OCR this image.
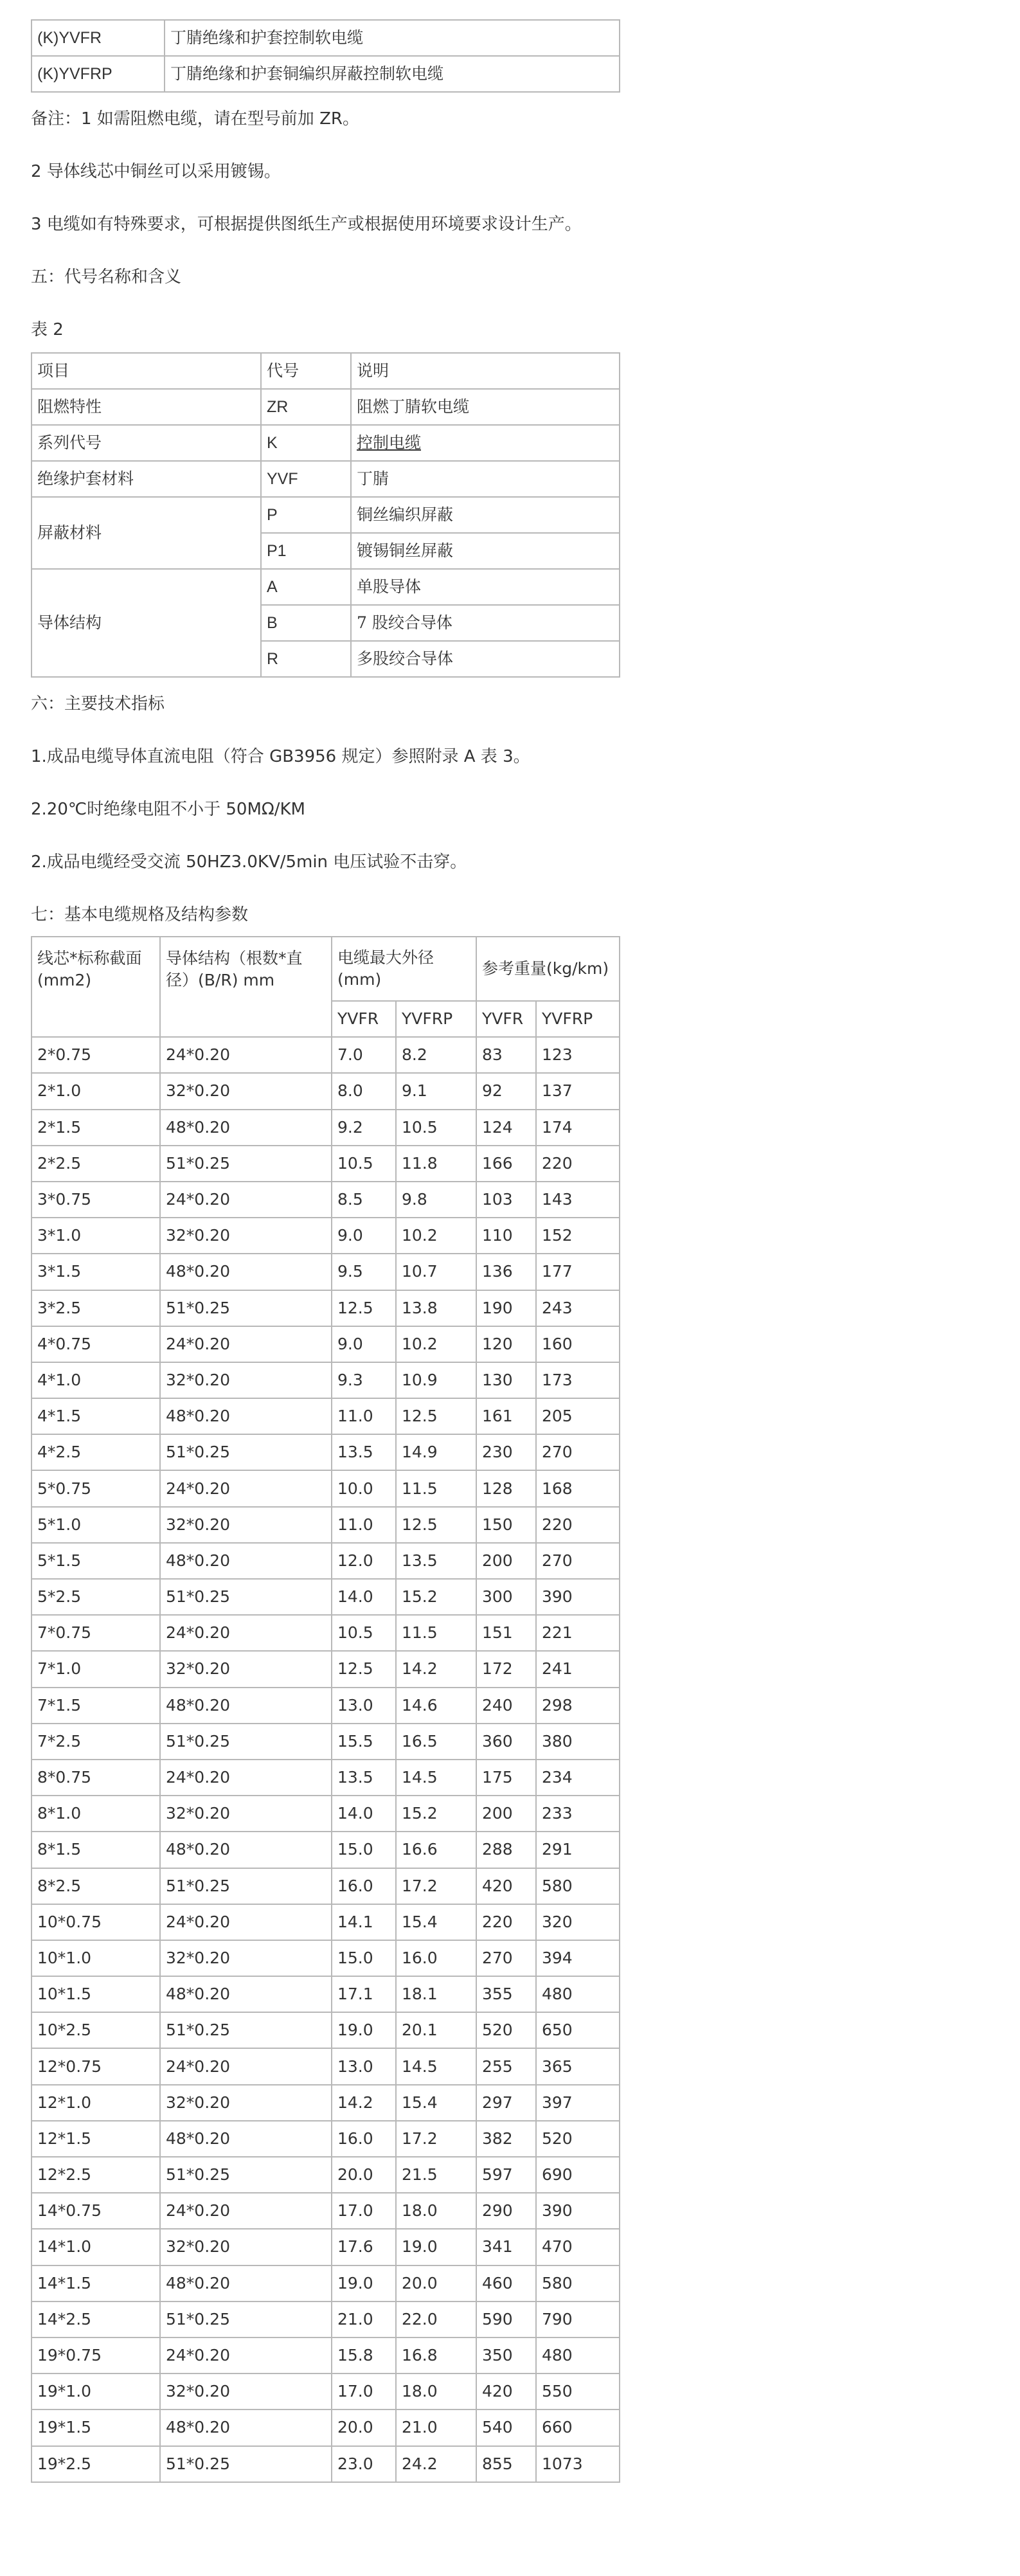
(K)YVFR	丁腈绝缘和护套控制软电缆
(K)YVFRP	丁腈绝缘和护套铜编织屏蔽控制软电缆

备注：1 如需阻燃电缆，请在型号前加 ZR。

2 导体线芯中铜丝可以采用镀锡。

3 电缆如有特殊要求，可根据提供图纸生产或根据使用环境要求设计生产。

五：代号名称和含义

表 2

项目	代号	说明
阻燃特性	ZR	阻燃丁腈软电缆
系列代号	K	控制电缆
绝缘护套材料	YVF	丁腈
屏蔽材料	P	铜丝编织屏蔽
	P1	镀锡铜丝屏蔽
导体结构	A	单股导体
	B	7 股绞合导体
	R	多股绞合导体

六：主要技术指标

1.成品电缆导体直流电阻（符合 GB3956 规定）参照附录 A 表 3。

2.20℃时绝缘电阻不小于 50MΩ/KM

2.成品电缆经受交流 50HZ3.0KV/5min 电压试验不击穿。

七：基本电缆规格及结构参数

线芯*标称截面(mm2)	导体结构（根数*直径）(B/R) mm	电缆最大外径(mm)		参考重量(kg/km)	
		YVFR	YVFRP	YVFR	YVFRP
2*0.75	24*0.20	7.0	8.2	83	123
2*1.0	32*0.20	8.0	9.1	92	137
2*1.5	48*0.20	9.2	10.5	124	174
2*2.5	51*0.25	10.5	11.8	166	220
3*0.75	24*0.20	8.5	9.8	103	143
3*1.0	32*0.20	9.0	10.2	110	152
3*1.5	48*0.20	9.5	10.7	136	177
3*2.5	51*0.25	12.5	13.8	190	243
4*0.75	24*0.20	9.0	10.2	120	160
4*1.0	32*0.20	9.3	10.9	130	173
4*1.5	48*0.20	11.0	12.5	161	205
4*2.5	51*0.25	13.5	14.9	230	270
5*0.75	24*0.20	10.0	11.5	128	168
5*1.0	32*0.20	11.0	12.5	150	220
5*1.5	48*0.20	12.0	13.5	200	270
5*2.5	51*0.25	14.0	15.2	300	390
7*0.75	24*0.20	10.5	11.5	151	221
7*1.0	32*0.20	12.5	14.2	172	241
7*1.5	48*0.20	13.0	14.6	240	298
7*2.5	51*0.25	15.5	16.5	360	380
8*0.75	24*0.20	13.5	14.5	175	234
8*1.0	32*0.20	14.0	15.2	200	233
8*1.5	48*0.20	15.0	16.6	288	291
8*2.5	51*0.25	16.0	17.2	420	580
10*0.75	24*0.20	14.1	15.4	220	320
10*1.0	32*0.20	15.0	16.0	270	394
10*1.5	48*0.20	17.1	18.1	355	480
10*2.5	51*0.25	19.0	20.1	520	650
12*0.75	24*0.20	13.0	14.5	255	365
12*1.0	32*0.20	14.2	15.4	297	397
12*1.5	48*0.20	16.0	17.2	382	520
12*2.5	51*0.25	20.0	21.5	597	690
14*0.75	24*0.20	17.0	18.0	290	390
14*1.0	32*0.20	17.6	19.0	341	470
14*1.5	48*0.20	19.0	20.0	460	580
14*2.5	51*0.25	21.0	22.0	590	790
19*0.75	24*0.20	15.8	16.8	350	480
19*1.0	32*0.20	17.0	18.0	420	550
19*1.5	48*0.20	20.0	21.0	540	660
19*2.5	51*0.25	23.0	24.2	855	1073
